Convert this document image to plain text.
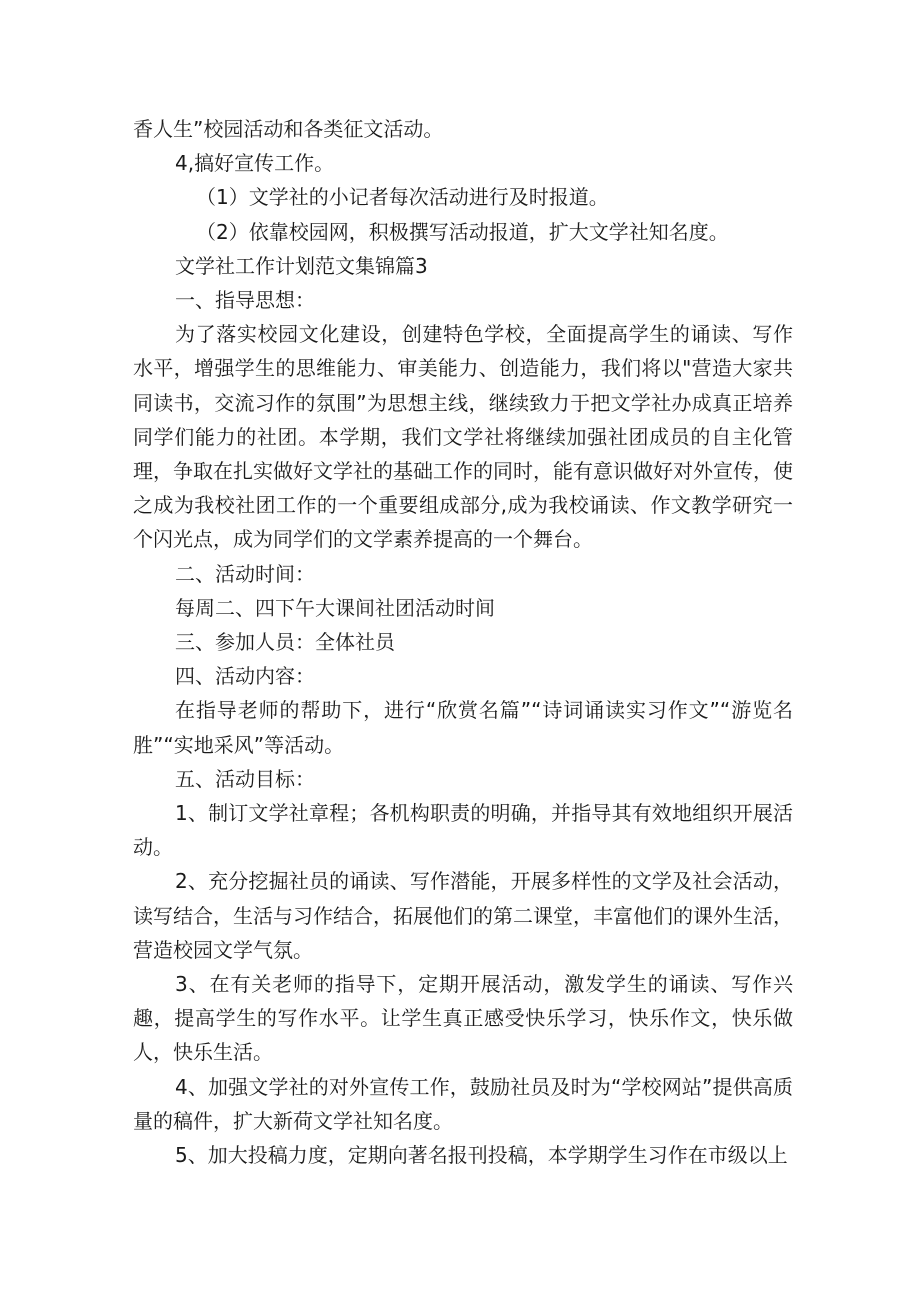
香人生”校园活动和各类征文活动。

4,搞好宣传工作。

（1）文学社的小记者每次活动进行及时报道。

（2）依靠校园网，积极撰写活动报道，扩大文学社知名度。

文学社工作计划范文集锦篇3

一、指导思想：

为了落实校园文化建设，创建特色学校，全面提高学生的诵读、写作水平，增强学生的思维能力、审美能力、创造能力，我们将以"营造大家共同读书，交流习作的氛围”为思想主线，继续致力于把文学社办成真正培养同学们能力的社团。本学期，我们文学社将继续加强社团成员的自主化管理，争取在扎实做好文学社的基础工作的同时，能有意识做好对外宣传，使之成为我校社团工作的一个重要组成部分,成为我校诵读、作文教学研究一个闪光点，成为同学们的文学素养提高的一个舞台。

二、活动时间：

每周二、四下午大课间社团活动时间

三、参加人员：全体社员

四、活动内容：

在指导老师的帮助下，进行“欣赏名篇”“诗词诵读实习作文”“游览名胜”“实地采风”等活动。

五、活动目标：

1、制订文学社章程；各机构职责的明确，并指导其有效地组织开展活动。

2、充分挖掘社员的诵读、写作潜能，开展多样性的文学及社会活动，读写结合，生活与习作结合，拓展他们的第二课堂，丰富他们的课外生活，营造校园文学气氛。

3、在有关老师的指导下，定期开展活动，激发学生的诵读、写作兴趣，提高学生的写作水平。让学生真正感受快乐学习，快乐作文，快乐做人，快乐生活。

4、加强文学社的对外宣传工作，鼓励社员及时为“学校网站”提供高质量的稿件，扩大新荷文学社知名度。

5、加大投稿力度，定期向著名报刊投稿，本学期学生习作在市级以上
